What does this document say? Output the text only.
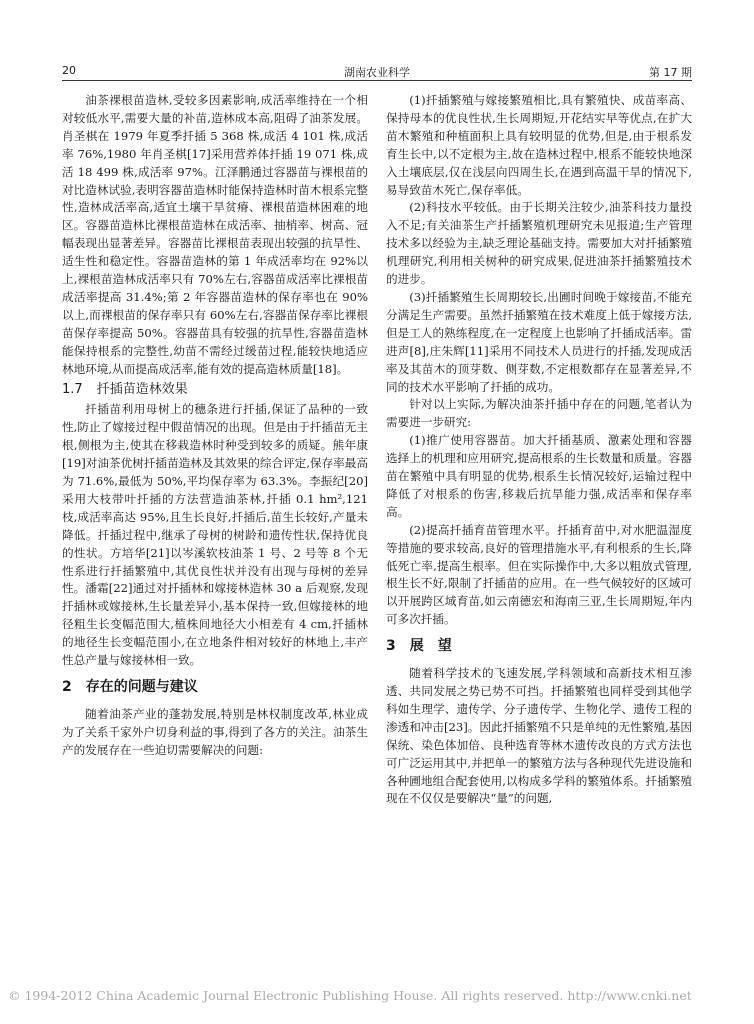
20	湖南农业科学	第 17 期

油茶裸根苗造林,受较多因素影响,成活率维持在一个相对较低水平,需要大量的补苗,造林成本高,阻碍了油茶发展。肖圣棋在 1979 年夏季扦插 5 368 株,成活 4 101 株,成活率 76%,1980 年肖圣棋[17]采用营养体扦插 19 071 株,成活 18 499 株,成活率 97%。江泽鹏通过容器苗与裸根苗的对比造林试验,表明容器苗造林时能保持造林时苗木根系完整性,造林成活率高,适宜土壤干旱贫瘠、裸根苗造林困难的地区。容器苗造林比裸根苗造林在成活率、抽梢率、树高、冠幅表现出显著差异。容器苗比裸根苗表现出较强的抗旱性、适生性和稳定性。容器苗造林的第 1 年成活率均在 92%以上,裸根苗造林成活率只有 70%左右,容器苗成活率比裸根苗成活率提高 31.4%;第 2 年容器苗造林的保存率也在 90%以上,而裸根苗的保存率只有 60%左右,容器苗保存率比裸根苗保存率提高 50%。容器苗具有较强的抗旱性,容器苗造林能保持根系的完整性,幼苗不需经过缓苗过程,能较快地适应林地环境,从而提高成活率,能有效的提高造林质量[18]。

1.7 扦插苗造林效果

扦插苗利用母树上的穗条进行扦插,保证了品种的一致性,防止了嫁接过程中假苗情况的出现。但是由于扦插苗无主根,侧根为主,使其在移栽造林时种受到较多的质疑。熊年康[19]对油茶优树扦插苗造林及其效果的综合评定,保存率最高为 71.6%,最低为 50%,平均保存率为 63.3%。李振纪[20]采用大枝带叶扦插的方法营造油茶林,扦插 0.1 hm²,121 枝,成活率高达 95%,且生长良好,扦插后,苗生长较好,产量未降低。扦插过程中,继承了母树的树龄和遗传性状,保持优良的性状。方培华[21]以岑溪软枝油茶 1 号、2 号等 8 个无性系进行扦插繁殖中,其优良性状并没有出现与母树的差异性。潘霜[22]通过对扦插林和嫁接林造林 30 a 后观察,发现扦插林或嫁接林,生长量差异小,基本保持一致,但嫁接林的地径粗生长变幅范围大,植株间地径大小相差有 4 cm,扦插林的地径生长变幅范围小,在立地条件相对较好的林地上,丰产性总产量与嫁接林相一致。

2 存在的问题与建议

随着油茶产业的蓬勃发展,特别是林权制度改革,林业成为了关系千家外户切身利益的事,得到了各方的关注。油茶生产的发展存在一些迫切需要解决的问题:

(1)扦插繁殖与嫁接繁殖相比,具有繁殖快、成苗率高、保持母本的优良性状,生长周期短,开花结实早等优点,在扩大苗木繁殖和种植面积上具有较明显的优势,但是,由于根系发育生长中,以不定根为主,故在造林过程中,根系不能较快地深入土壤底层,仅在浅层向四周生长,在遇到高温干旱的情况下,易导致苗木死亡,保存率低。

(2)科技水平较低。由于长期关注较少,油茶科技力量投入不足;有关油茶生产扦插繁殖机理研究未见报道;生产管理技术多以经验为主,缺乏理论基础支持。需要加大对扦插繁殖机理研究,利用相关树种的研究成果,促进油茶扦插繁殖技术的进步。

(3)扦插繁殖生长周期较长,出圃时间晚于嫁接苗,不能充分满足生产需要。虽然扦插繁殖在技术难度上低于嫁接方法,但是工人的熟练程度,在一定程度上也影响了扦插成活率。雷进声[8],庄朱辉[11]采用不同技术人员进行的扦插,发现成活率及其苗木的顶芽数、侧芽数,不定根数都存在显著差异,不同的技术水平影响了扦插的成功。

针对以上实际,为解决油茶扦插中存在的问题,笔者认为需要进一步研究:

(1)推广使用容器苗。加大扦插基质、激素处理和容器选择上的机理和应用研究,提高根系的生长数量和质量。容器苗在繁殖中具有明显的优势,根系生长情况较好,运输过程中降低了对根系的伤害,移栽后抗旱能力强,成活率和保存率高。

(2)提高扦插育苗管理水平。扦插育苗中,对水肥温湿度等措施的要求较高,良好的管理措施水平,有利根系的生长,降低死亡率,提高生根率。但在实际操作中,大多以粗放式管理,根生长不好,限制了扦插苗的应用。在一些气候较好的区域可以开展跨区域育苗,如云南德宏和海南三亚,生长周期短,年内可多次扦插。

3 展　望

随着科学技术的飞速发展,学科领域和高新技术相互渗透、共同发展之势已势不可挡。扦插繁殖也同样受到其他学科如生理学、遗传学、分子遗传学、生物化学、遗传工程的渗透和冲击[23]。因此扦插繁殖不只是单纯的无性繁殖,基因保统、染色体加倍、良种选育等林木遗传改良的方式方法也可广泛运用其中,并把单一的繁殖方法与各种现代先进设施和各种圃地组合配套使用,以构成多学科的繁殖体系。扦插繁殖现在不仅仅是要解决“量”的问题,

© 1994-2012 China Academic Journal Electronic Publishing House. All rights reserved. http://www.cnki.net
